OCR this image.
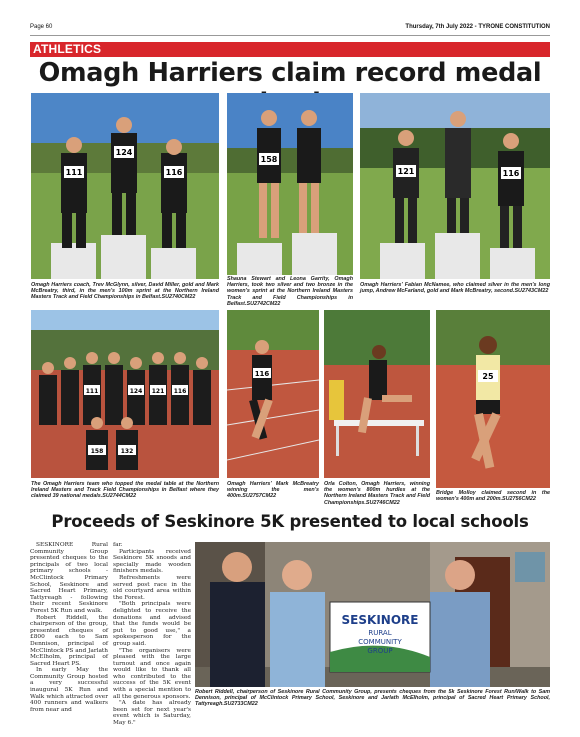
Page 60	Thursday, 7th July 2022 - TYRONE CONSTITUTION
ATHLETICS
Omagh Harriers claim record medal
111
124
116
Omagh Harriers coach, Trev McGlynn, silver, David Miller, gold and Mark McBreatry, third, in the men's 100m sprint at the Northern Ireland Masters Track and Field Championships in Belfast.SU2740CM22
158
Shauna Stewart and Leona Garrity, Omagh Harriers, took two silver and two bronze in the women's sprint at the Northern Ireland Masters Track and Field Championships in Belfast.SU2742CM22
121	116
Omagh Harriers' Fabian McNamee, who claimed silver in the men's long jump, Andrew McFarland, gold and Mark McBreatry, second.SU2743CM22
111	124 121 116
158	132
The Omagh Harriers team who topped the medal table at the Northern Ireland Masters and Track Field Championships in Belfast where they claimed 39 national medals.SU2744CM22
116
Omagh Harriers' Mark McBreatry winning the men's 400m.SU2757CM22
Orla Colton, Omagh Harriers, winning the women's 800m hurdles at the Northern Ireland Masters Track and Field Championships.SU2746CM22
25
Bridge Molloy claimed second in the women's 400m and 200m.SU2756CM22
Proceeds of Seskinore 5K presented to local schools

SESKINORE Rural Community Group presented cheques to the principals of two local primary schools - McClintock Primary School, Seskinore and Sacred Heart Primary, Tattyreagh - following their recent Seskinore Forest 5K Run and walk.

Robert Riddell, the chairperson of the group, presented cheques of £800 each to Sam Dennison, principal of McClintock PS and Jarlath McElholm, principal of Sacred Heart PS.

In early May the Community Group hosted a very successful inaugural 5K Run and Walk which attracted over 400 runners and walkers from near and

far.

Participants received Seskinore 5K snoods and specially made wooden finishers medals.

Refreshments were served post race in the old courtyard area within the Forest.

"Both principals were delighted to receive the donations and advised that the funds would be put to good use," a spokesperson for the group said.

"The organisers were pleased with the large turnout and once again would like to thank all who contributed to the success of the 5K event with a special mention to all the generous sponsors.

"A date has already been set for next year's event which is Saturday, May 6."

SESKINORE
RURAL
COMMUNITY
GROUP
Robert Riddell, chairperson of Seskinore Rural Community Group, presents cheques from the 5k Seskinore Forest Run/Walk to Sam Dennison, principal of McClintock Primary School, Seskinore and Jarlath McElholm, principal of Sacred Heart Primary School, Tattyreagh.SU2733CM22
